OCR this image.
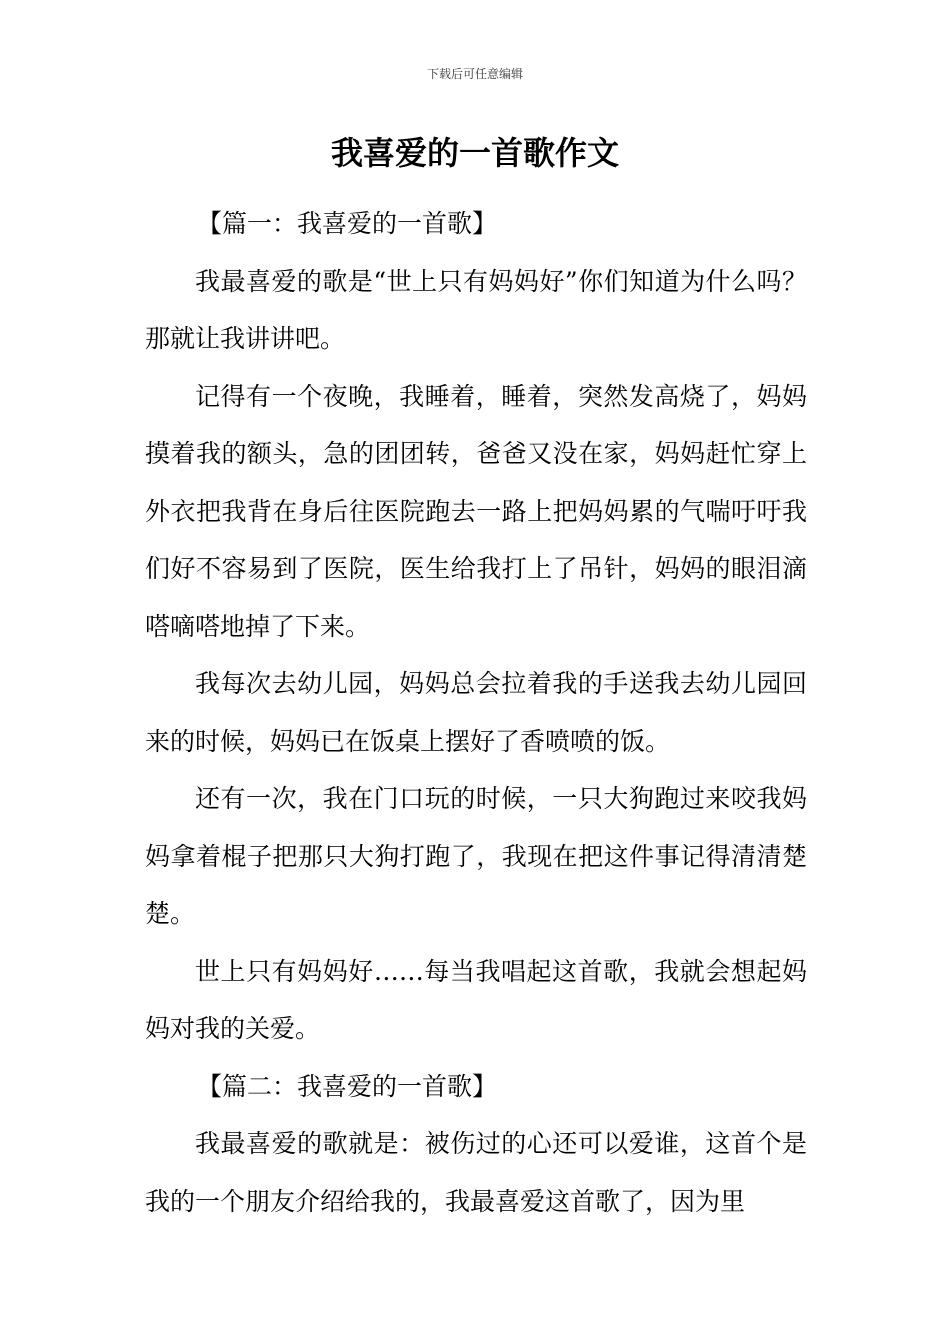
下载后可任意编辑
我喜爱的一首歌作文

【篇一：我喜爱的一首歌】

我最喜爱的歌是“世上只有妈妈好”你们知道为什么吗？那就让我讲讲吧。

记得有一个夜晚，我睡着，睡着，突然发高烧了，妈妈摸着我的额头，急的团团转，爸爸又没在家，妈妈赶忙穿上外衣把我背在身后往医院跑去一路上把妈妈累的气喘吁吁我们好不容易到了医院，医生给我打上了吊针，妈妈的眼泪滴嗒嘀嗒地掉了下来。

我每次去幼儿园，妈妈总会拉着我的手送我去幼儿园回来的时候，妈妈已在饭桌上摆好了香喷喷的饭。

还有一次，我在门口玩的时候，一只大狗跑过来咬我妈妈拿着棍子把那只大狗打跑了，我现在把这件事记得清清楚楚。

世上只有妈妈好……每当我唱起这首歌，我就会想起妈妈对我的关爱。

【篇二：我喜爱的一首歌】

我最喜爱的歌就是：被伤过的心还可以爱谁，这首个是我的一个朋友介绍给我的，我最喜爱这首歌了，因为里
